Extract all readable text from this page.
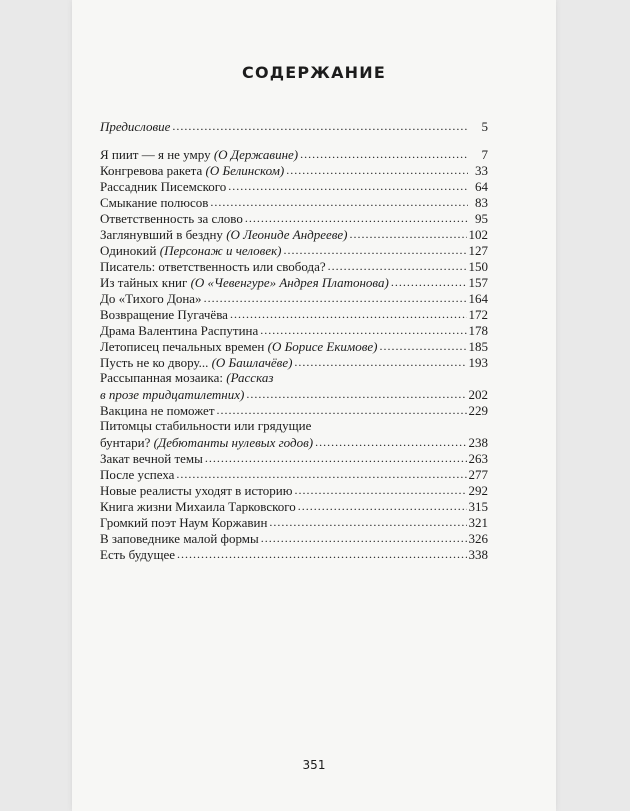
СОДЕРЖАНИЕ
Предисловие .....	5
Я пиит — я не умру (О Державине) .....	7
Конгревова ракета (О Белинском) .....	33
Рассадник Писемского .....	64
Смыкание полюсов .....	83
Ответственность за слово .....	95
Заглянувший в бездну (О Леониде Андрееве) .....	102
Одинокий (Персонаж и человек) .....	127
Писатель: ответственность или свобода? .....	150
Из тайных книг (О «Чевенгуре» Андрея Платонова) .....	157
До «Тихого Дона» .....	164
Возвращение Пугачёва .....	172
Драма Валентина Распутина .....	178
Летописец печальных времен (О Борисе Екимове) .....	185
Пусть не ко двору... (О Башлачёве) .....	193
Рассыпанная мозаика: (Рассказ
в прозе тридцатилетних) .....	202
Вакцина не поможет .....	229
Питомцы стабильности или грядущие
бунтари? (Дебютанты нулевых годов) .....	238
Закат вечной темы .....	263
После успеха .....	277
Новые реалисты уходят в историю .....	292
Книга жизни Михаила Тарковского .....	315
Громкий поэт Наум Коржавин .....	321
В заповеднике малой формы .....	326
Есть будущее .....	338
351
